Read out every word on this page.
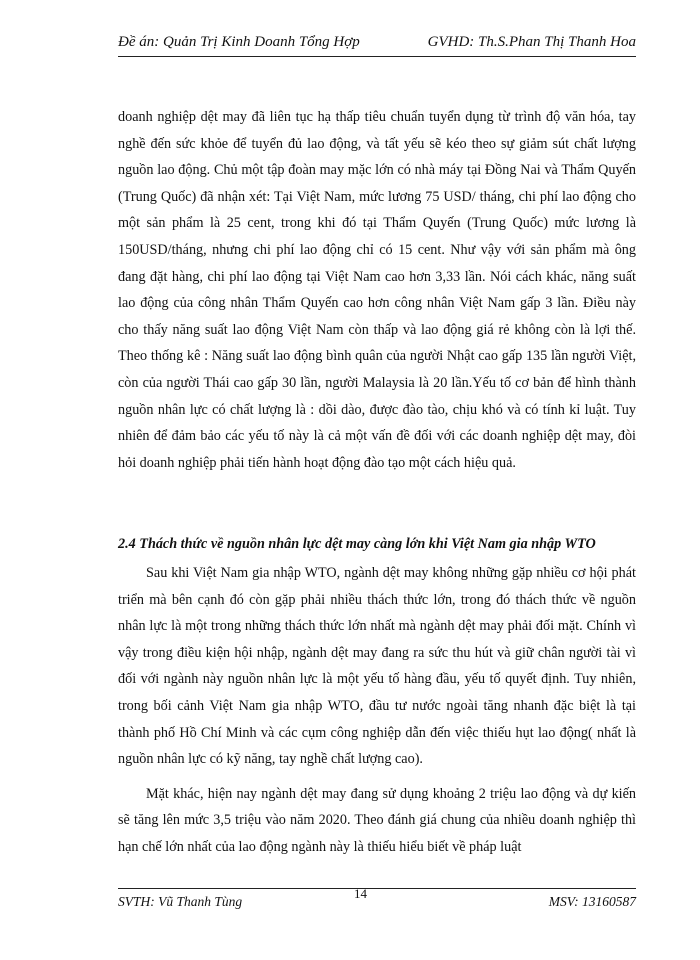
Đề án: Quản Trị Kinh Doanh Tổng Hợp	GVHD: Th.S.Phan Thị Thanh Hoa

doanh nghiệp dệt may đã liên tục hạ thấp tiêu chuẩn tuyển dụng từ trình độ văn hóa, tay nghề đến sức khỏe để tuyển đủ lao động, và tất yếu sẽ kéo theo sự giảm sút chất lượng nguồn lao động. Chủ một tập đoàn may mặc lớn có nhà máy tại Đồng Nai và Thẩm Quyến (Trung Quốc) đã nhận xét: Tại Việt Nam, mức lương 75 USD/ tháng, chi phí lao động cho một sản phẩm là 25 cent, trong khi đó tại Thẩm Quyến (Trung Quốc) mức lương là 150USD/tháng, nhưng chi phí lao động chỉ có 15 cent. Như vậy với sản phẩm mà ông đang đặt hàng, chi phí lao động tại Việt Nam cao hơn 3,33 lần. Nói cách khác, năng suất lao động của công nhân Thẩm Quyến cao hơn công nhân Việt Nam gấp 3 lần. Điều này cho thấy năng suất lao động Việt Nam còn thấp và lao động giá rẻ không còn là lợi thế. Theo thống kê : Năng suất lao động bình quân của người Nhật cao gấp 135 lần người Việt, còn của người Thái cao gấp 30 lần, người Malaysia là 20 lần.Yếu tố cơ bản để hình thành nguồn nhân lực có chất lượng là : dồi dào, được đào tào, chịu khó và có tính kỉ luật. Tuy nhiên để đảm bảo các yếu tố này là cả một vấn đề đối với các doanh nghiệp dệt may, đòi hỏi doanh nghiệp phải tiến hành hoạt động đào tạo một cách hiệu quả.

2.4 Thách thức về nguồn nhân lực dệt may càng lớn khi Việt Nam gia nhập WTO

Sau khi Việt Nam gia nhập WTO, ngành dệt may không những gặp nhiều cơ hội phát triển mà bên cạnh đó còn gặp phải nhiều thách thức lớn, trong đó thách thức về nguồn nhân lực là một trong những thách thức lớn nhất mà ngành dệt may phải đối mặt. Chính vì vậy trong điều kiện hội nhập, ngành dệt may đang ra sức thu hút và giữ chân người tài vì đối với ngành này nguồn nhân lực là một yếu tố hàng đầu, yếu tố quyết định. Tuy nhiên, trong bối cảnh Việt Nam gia nhập WTO, đầu tư nước ngoài tăng nhanh đặc biệt là tại thành phố Hồ Chí Minh và các cụm công nghiệp dẫn đến việc thiếu hụt lao động( nhất là nguồn nhân lực có kỹ năng, tay nghề chất lượng cao).

Mặt khác, hiện nay ngành dệt may đang sử dụng khoảng 2 triệu lao động và dự kiến sẽ tăng lên mức 3,5 triệu vào năm 2020. Theo đánh giá chung của nhiều doanh nghiệp thì hạn chế lớn nhất của lao động ngành này là thiếu hiểu biết về pháp luật

SVTH: Vũ Thanh Tùng
14
MSV: 13160587
